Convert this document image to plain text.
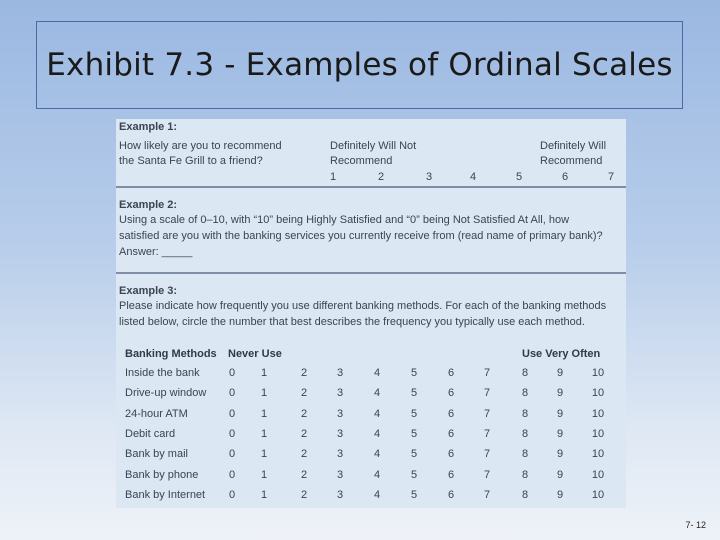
Exhibit 7.3 - Examples of Ordinal Scales
Example 1:
How likely are you to recommend
the Santa Fe Grill to a friend?
Definitely Will Not
Recommend
Definitely Will
Recommend
1	2	3	4	5	6	7
Example 2:
Using a scale of 0–10, with “10” being Highly Satisfied and “0” being Not Satisfied At All, how
satisfied are you with the banking services you currently receive from (read name of primary bank)?
Answer: _____
Example 3:
Please indicate how frequently you use different banking methods. For each of the banking methods
listed below, circle the number that best describes the frequency you typically use each method.
Banking Methods Never Use	Use Very Often
Inside the bank	0	1	2	3	4	5	6	7	8	9	10
Drive-up window	0	1	2	3	4	5	6	7	8	9	10
24-hour ATM	0	1	2	3	4	5	6	7	8	9	10
Debit card	0	1	2	3	4	5	6	7	8	9	10
Bank by mail	0	1	2	3	4	5	6	7	8	9	10
Bank by phone	0	1	2	3	4	5	6	7	8	9	10
Bank by Internet	0	1	2	3	4	5	6	7	8	9	10
7- 12
